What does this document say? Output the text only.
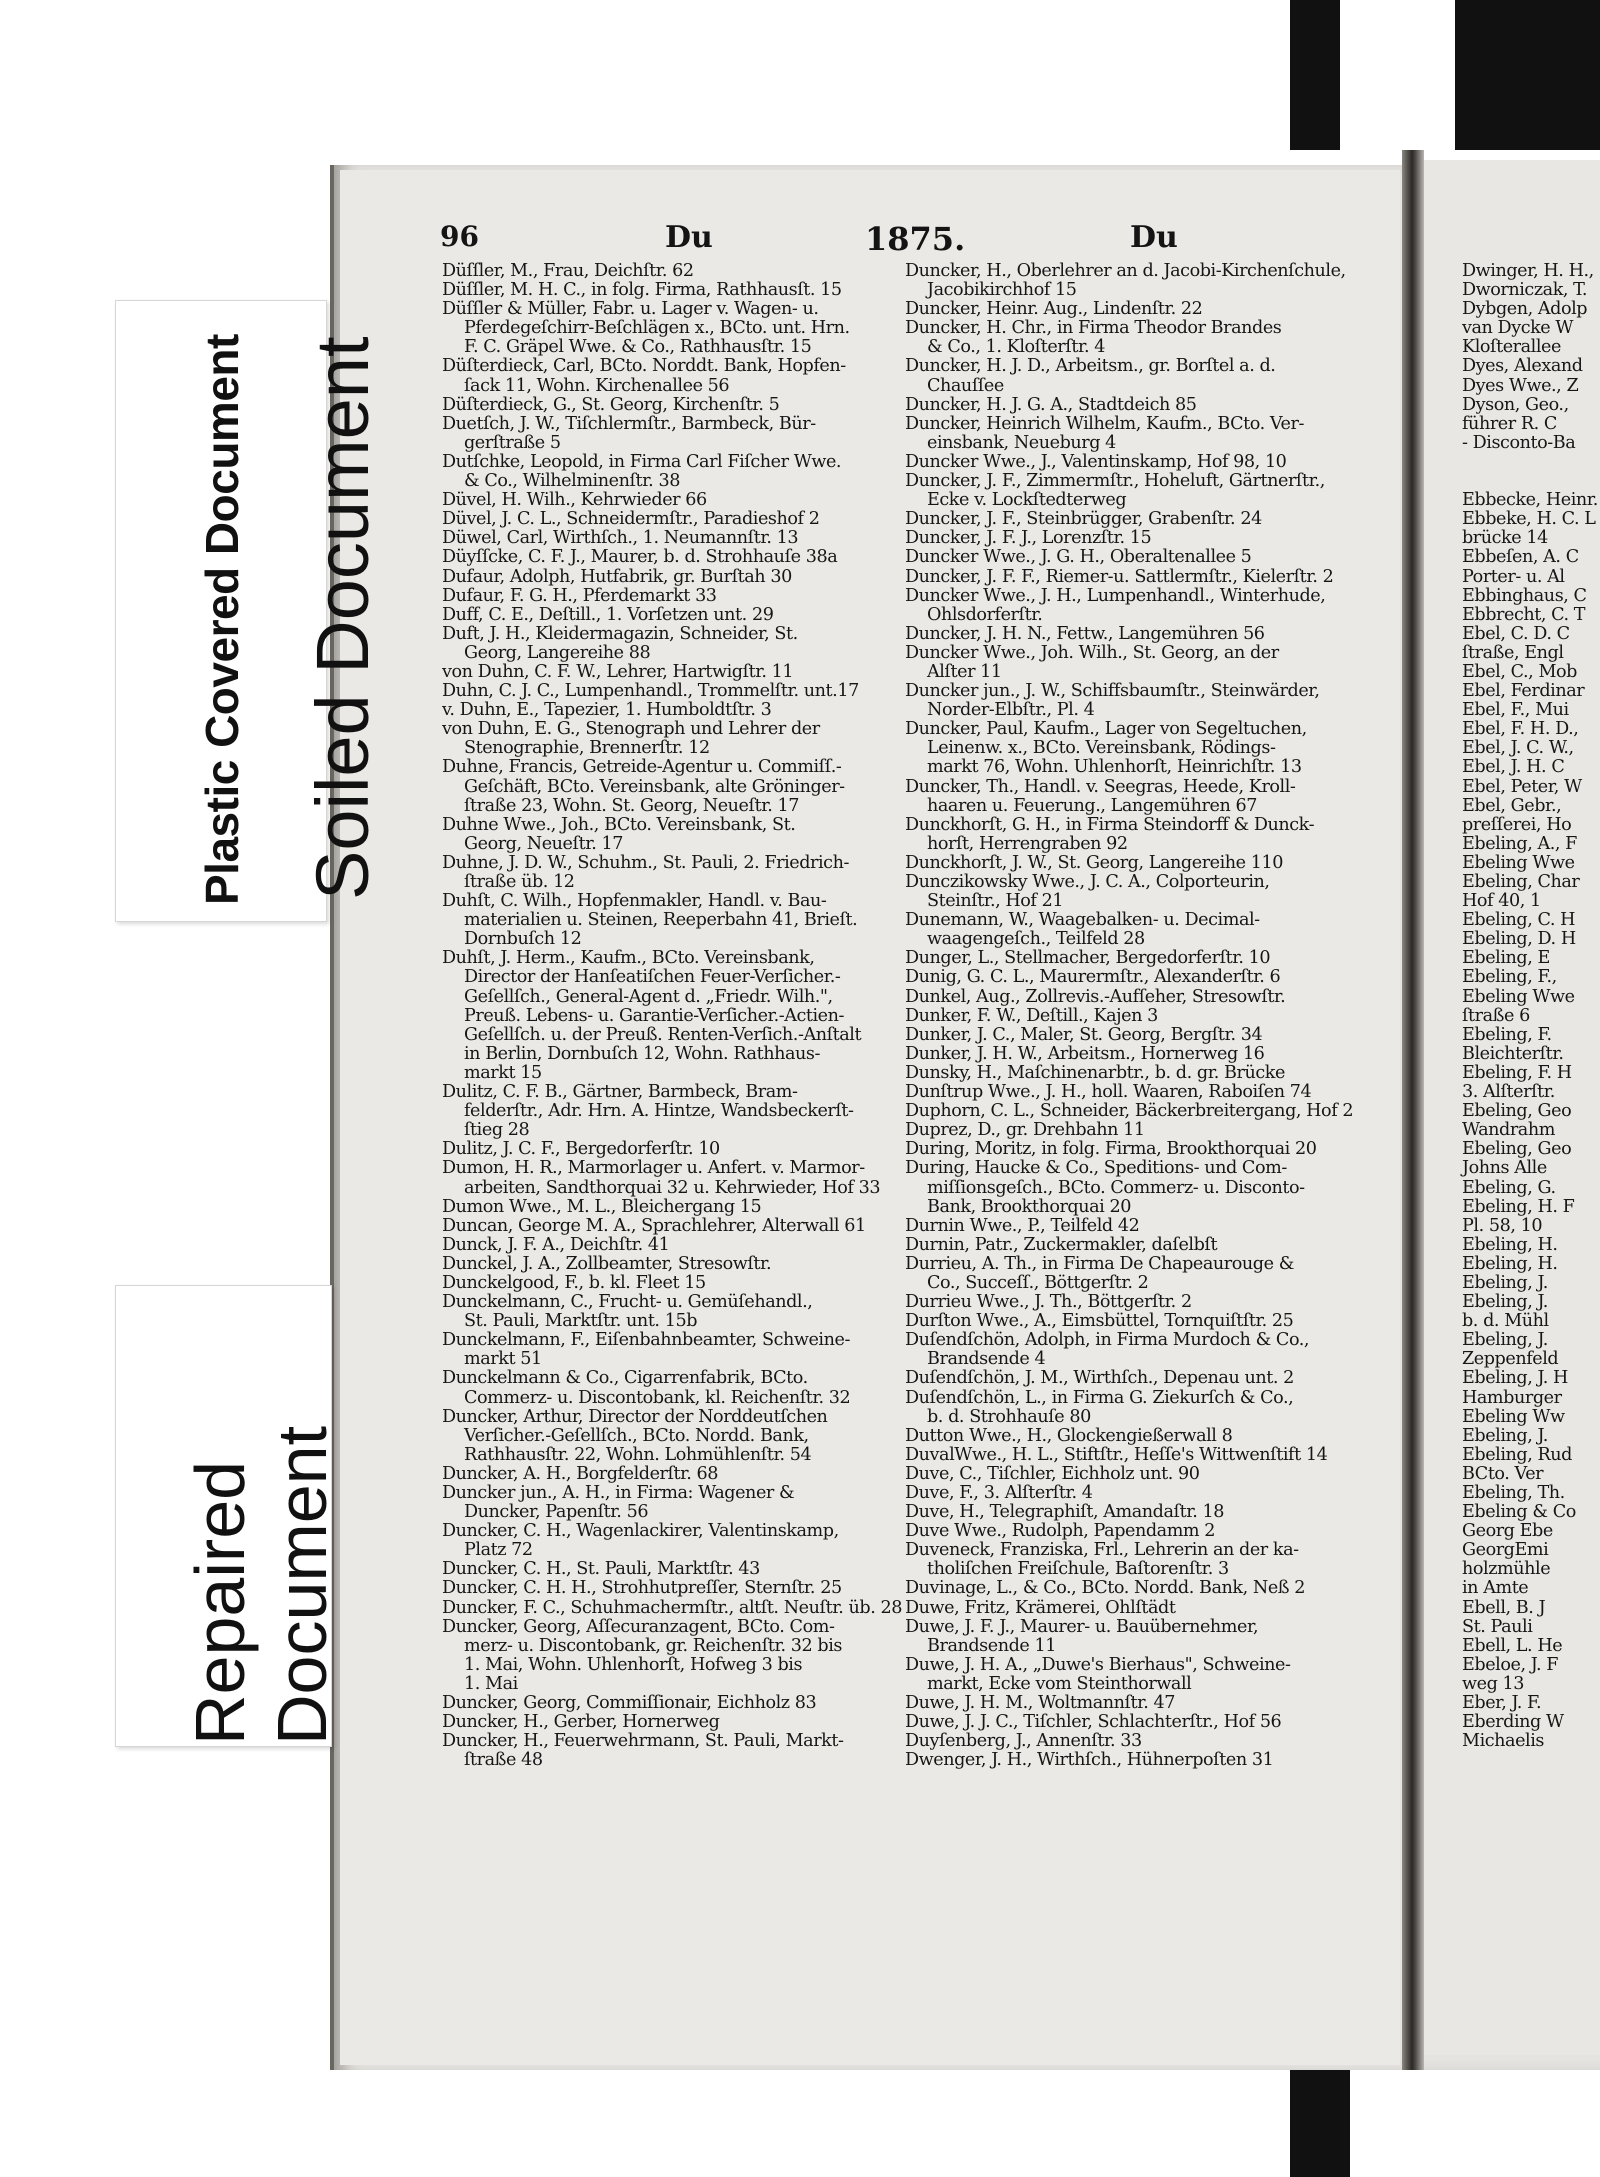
Plastic Covered Document Soiled Document
Repaired Document
96	Du	1875.	Du
Düſſler, M., Frau, Deichſtr. 62
Düſſler, M. H. C., in folg. Firma, Rathhausſt. 15
Düſſler & Müller, Fabr. u. Lager v. Wagen- u.
Pferdegeſchirr-Beſchlägen x., BCto. unt. Hrn.
F. C. Gräpel Wwe. & Co., Rathhausſtr. 15
Düſterdieck, Carl, BCto. Norddt. Bank, Hopfen-
ſack 11, Wohn. Kirchenallee 56
Düſterdieck, G., St. Georg, Kirchenſtr. 5
Duetſch, J. W., Tiſchlermſtr., Barmbeck, Bür-
gerſtraße 5
Dutſchke, Leopold, in Firma Carl Fiſcher Wwe.
& Co., Wilhelminenſtr. 38
Düvel, H. Wilh., Kehrwieder 66
Düvel, J. C. L., Schneidermſtr., Paradieshof 2
Düwel, Carl, Wirthſch., 1. Neumannſtr. 13
Düyſſcke, C. F. J., Maurer, b. d. Strohhauſe 38a
Dufaur, Adolph, Hutfabrik, gr. Burſtah 30
Dufaur, F. G. H., Pferdemarkt 33
Duff, C. E., Deſtill., 1. Vorſetzen unt. 29
Duft, J. H., Kleidermagazin, Schneider, St.
Georg, Langereihe 88
von Duhn, C. F. W., Lehrer, Hartwigſtr. 11
Duhn, C. J. C., Lumpenhandl., Trommelſtr. unt.17
v. Duhn, E., Tapezier, 1. Humboldtſtr. 3
von Duhn, E. G., Stenograph und Lehrer der
Stenographie, Brennerſtr. 12
Duhne, Francis, Getreide-Agentur u. Commiſſ.-
Geſchäft, BCto. Vereinsbank, alte Gröninger-
ſtraße 23, Wohn. St. Georg, Neueſtr. 17
Duhne Wwe., Joh., BCto. Vereinsbank, St.
Georg, Neueſtr. 17
Duhne, J. D. W., Schuhm., St. Pauli, 2. Friedrich-
ſtraße üb. 12
Duhſt, C. Wilh., Hopfenmakler, Handl. v. Bau-
materialien u. Steinen, Reeperbahn 41, Brieſt.
Dornbuſch 12
Duhſt, J. Herm., Kaufm., BCto. Vereinsbank,
Director der Hanſeatiſchen Feuer-Verſicher.-
Geſellſch., General-Agent d. „Friedr. Wilh.",
Preuß. Lebens- u. Garantie-Verſicher.-Actien-
Geſellſch. u. der Preuß. Renten-Verſich.-Anſtalt
in Berlin, Dornbuſch 12, Wohn. Rathhaus-
markt 15
Dulitz, C. F. B., Gärtner, Barmbeck, Bram-
felderſtr., Adr. Hrn. A. Hintze, Wandsbeckerſt-
ſtieg 28
Dulitz, J. C. F., Bergedorferſtr. 10
Dumon, H. R., Marmorlager u. Anfert. v. Marmor-
arbeiten, Sandthorquai 32 u. Kehrwieder, Hof 33
Dumon Wwe., M. L., Bleichergang 15
Duncan, George M. A., Sprachlehrer, Alterwall 61
Dunck, J. F. A., Deichſtr. 41
Dunckel, J. A., Zollbeamter, Stresowſtr.
Dunckelgood, F., b. kl. Fleet 15
Dunckelmann, C., Frucht- u. Gemüſehandl.,
St. Pauli, Marktſtr. unt. 15b
Dunckelmann, F., Eiſenbahnbeamter, Schweine-
markt 51
Dunckelmann & Co., Cigarrenfabrik, BCto.
Commerz- u. Discontobank, kl. Reichenſtr. 32
Duncker, Arthur, Director der Norddeutſchen
Verſicher.-Geſellſch., BCto. Nordd. Bank,
Rathhausſtr. 22, Wohn. Lohmühlenſtr. 54
Duncker, A. H., Borgfelderſtr. 68
Duncker jun., A. H., in Firma: Wagener &
Duncker, Papenſtr. 56
Duncker, C. H., Wagenlackirer, Valentinskamp,
Platz 72
Duncker, C. H., St. Pauli, Marktſtr. 43
Duncker, C. H. H., Strohhutpreſſer, Sternſtr. 25
Duncker, F. C., Schuhmachermſtr., altſt. Neuſtr. üb. 28
Duncker, Georg, Aſſecuranzagent, BCto. Com-
merz- u. Discontobank, gr. Reichenſtr. 32 bis
1. Mai, Wohn. Uhlenhorſt, Hofweg 3 bis
1. Mai
Duncker, Georg, Commiſſionair, Eichholz 83
Duncker, H., Gerber, Hornerweg
Duncker, H., Feuerwehrmann, St. Pauli, Markt-
ſtraße 48
Duncker, H., Oberlehrer an d. Jacobi-Kirchenſchule,
Jacobikirchhof 15
Duncker, Heinr. Aug., Lindenſtr. 22
Duncker, H. Chr., in Firma Theodor Brandes
& Co., 1. Kloſterſtr. 4
Duncker, H. J. D., Arbeitsm., gr. Borſtel a. d.
Chauſſee
Duncker, H. J. G. A., Stadtdeich 85
Duncker, Heinrich Wilhelm, Kaufm., BCto. Ver-
einsbank, Neueburg 4
Duncker Wwe., J., Valentinskamp, Hof 98, 10
Duncker, J. F., Zimmermſtr., Hoheluft, Gärtnerſtr.,
Ecke v. Lockſtedterweg
Duncker, J. F., Steinbrügger, Grabenſtr. 24
Duncker, J. F. J., Lorenzſtr. 15
Duncker Wwe., J. G. H., Oberaltenallee 5
Duncker, J. F. F., Riemer-u. Sattlermſtr., Kielerſtr. 2
Duncker Wwe., J. H., Lumpenhandl., Winterhude,
Ohlsdorferſtr.
Duncker, J. H. N., Fettw., Langemühren 56
Duncker Wwe., Joh. Wilh., St. Georg, an der
Alſter 11
Duncker jun., J. W., Schiffsbaumſtr., Steinwärder,
Norder-Elbſtr., Pl. 4
Duncker, Paul, Kaufm., Lager von Segeltuchen,
Leinenw. x., BCto. Vereinsbank, Rödings-
markt 76, Wohn. Uhlenhorſt, Heinrichſtr. 13
Duncker, Th., Handl. v. Seegras, Heede, Kroll-
haaren u. Feuerung., Langemühren 67
Dunckhorſt, G. H., in Firma Steindorff & Dunck-
horſt, Herrengraben 92
Dunckhorſt, J. W., St. Georg, Langereihe 110
Dunczikowsky Wwe., J. C. A., Colporteurin,
Steinſtr., Hof 21
Dunemann, W., Waagebalken- u. Decimal-
waagengeſch., Teilfeld 28
Dunger, L., Stellmacher, Bergedorferſtr. 10
Dunig, G. C. L., Maurermſtr., Alexanderſtr. 6
Dunkel, Aug., Zollrevis.-Aufſeher, Stresowſtr.
Dunker, F. W., Deſtill., Kajen 3
Dunker, J. C., Maler, St. Georg, Bergſtr. 34
Dunker, J. H. W., Arbeitsm., Hornerweg 16
Dunsky, H., Maſchinenarbtr., b. d. gr. Brücke
Dunſtrup Wwe., J. H., holl. Waaren, Raboiſen 74
Duphorn, C. L., Schneider, Bäckerbreitergang, Hof 2
Duprez, D., gr. Drehbahn 11
During, Moritz, in folg. Firma, Brookthorquai 20
During, Haucke & Co., Speditions- und Com-
miſſionsgeſch., BCto. Commerz- u. Disconto-
Bank, Brookthorquai 20
Durnin Wwe., P., Teilfeld 42
Durnin, Patr., Zuckermakler, daſelbſt
Durrieu, A. Th., in Firma De Chapeaurouge &
Co., Succeſſ., Böttgerſtr. 2
Durrieu Wwe., J. Th., Böttgerſtr. 2
Durſton Wwe., A., Eimsbüttel, Tornquiſtſtr. 25
Duſendſchön, Adolph, in Firma Murdoch & Co.,
Brandsende 4
Duſendſchön, J. M., Wirthſch., Depenau unt. 2
Duſendſchön, L., in Firma G. Ziekurſch & Co.,
b. d. Strohhauſe 80
Dutton Wwe., H., Glockengießerwall 8
DuvalWwe., H. L., Stiftſtr., Heſſe's Wittwenſtift 14
Duve, C., Tiſchler, Eichholz unt. 90
Duve, F., 3. Alſterſtr. 4
Duve, H., Telegraphiſt, Amandaſtr. 18
Duve Wwe., Rudolph, Papendamm 2
Duveneck, Franziska, Frl., Lehrerin an der ka-
tholiſchen Freiſchule, Baſtorenſtr. 3
Duvinage, L., & Co., BCto. Nordd. Bank, Neß 2
Duwe, Fritz, Krämerei, Ohlſtädt
Duwe, J. F. J., Maurer- u. Bauübernehmer,
Brandsende 11
Duwe, J. H. A., „Duwe's Bierhaus", Schweine-
markt, Ecke vom Steinthorwall
Duwe, J. H. M., Woltmannſtr. 47
Duwe, J. J. C., Tiſchler, Schlachterſtr., Hof 56
Duyſenberg, J., Annenſtr. 33
Dwenger, J. H., Wirthſch., Hühnerpoſten 31
Dwinger, H. H.,
Dworniczak, T.
Dybgen, Adolp
van Dycke W
Kloſterallee
Dyes, Alexand
Dyes Wwe., Z
Dyson, Geo.,
führer R. C
- Disconto-Ba
Ebbecke, Heinr.
Ebbeke, H. C. L
brücke 14
Ebbeſen, A. C
Porter- u. Al
Ebbinghaus, C
Ebbrecht, C. T
Ebel, C. D. C
ſtraße, Engl
Ebel, C., Mob
Ebel, Ferdinar
Ebel, F., Mui
Ebel, F. H. D.,
Ebel, J. C. W.,
Ebel, J. H. C
Ebel, Peter, W
Ebel, Gebr.,
preſſerei, Ho
Ebeling, A., F
Ebeling Wwe
Ebeling, Char
Hof 40, 1
Ebeling, C. H
Ebeling, D. H
Ebeling, E
Ebeling, F.,
Ebeling Wwe
ſtraße 6
Ebeling, F.
Bleichterſtr.
Ebeling, F. H
3. Alſterſtr.
Ebeling, Geo
Wandrahm
Ebeling, Geo
Johns Alle
Ebeling, G.
Ebeling, H. F
Pl. 58, 10
Ebeling, H.
Ebeling, H.
Ebeling, J.
Ebeling, J.
b. d. Mühl
Ebeling, J.
Zeppenfeld
Ebeling, J. H
Hamburger
Ebeling Ww
Ebeling, J.
Ebeling, Rud
BCto. Ver
Ebeling, Th.
Ebeling & Co
Georg Ebe
GeorgEmi
holzmühle
in Amte
Ebell, B. J
St. Pauli
Ebell, L. He
Ebeloe, J. F
weg 13
Eber, J. F.
Eberding W
Michaelis
